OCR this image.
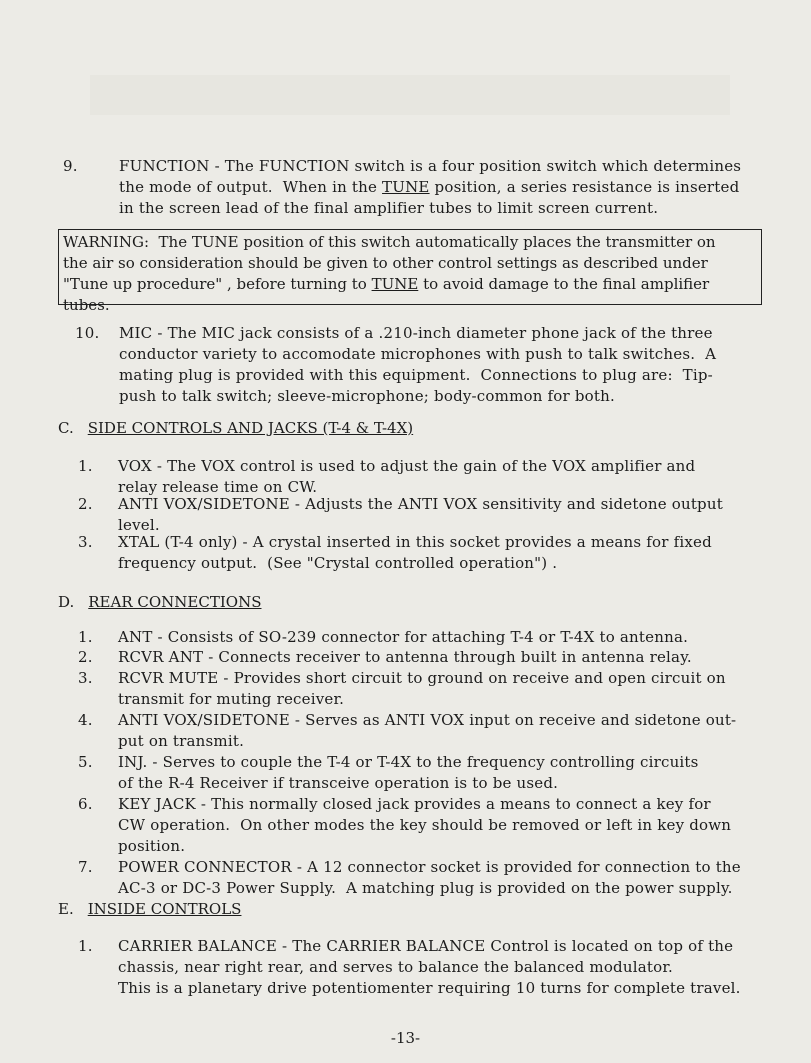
9.	FUNCTION - The FUNCTION switch is a four position switch which determines
the mode of output.  When in the TUNE position, a series resistance is inserted
in the screen lead of the final amplifier tubes to limit screen current.
WARNING:  The TUNE position of this switch automatically places the transmitter on
the air so consideration should be given to other control settings as described under
"Tune up procedure" , before turning to TUNE to avoid damage to the final amplifier
tubes.
10. MIC - The MIC jack consists of a .210-inch diameter phone jack of the three
conductor variety to accomodate microphones with push to talk switches.  A
mating plug is provided with this equipment.  Connections to plug are:  Tip-
push to talk switch; sleeve-microphone; body-common for both.
C. SIDE CONTROLS AND JACKS (T-4 & T-4X)
1. VOX - The VOX control is used to adjust the gain of the VOX amplifier and
relay release time on CW.
2. ANTI VOX/SIDETONE - Adjusts the ANTI VOX sensitivity and sidetone output
level.
3. XTAL (T-4 only) - A crystal inserted in this socket provides a means for fixed
frequency output.  (See "Crystal controlled operation") .
D. REAR CONNECTIONS
1. ANT - Consists of SO-239 connector for attaching T-4 or T-4X to antenna.
2. RCVR ANT - Connects receiver to antenna through built in antenna relay.
3. RCVR MUTE - Provides short circuit to ground on receive and open circuit on
transmit for muting receiver.
4. ANTI VOX/SIDETONE - Serves as ANTI VOX input on receive and sidetone out-
put on transmit.
5. INJ. - Serves to couple the T-4 or T-4X to the frequency controlling circuits
of the R-4 Receiver if transceive operation is to be used.
6. KEY JACK - This normally closed jack provides a means to connect a key for
CW operation.  On other modes the key should be removed or left in key down
position.
7. POWER CONNECTOR - A 12 connector socket is provided for connection to the
AC-3 or DC-3 Power Supply.  A matching plug is provided on the power supply.
E. INSIDE CONTROLS
1. CARRIER BALANCE - The CARRIER BALANCE Control is located on top of the
chassis, near right rear, and serves to balance the balanced modulator.
This is a planetary drive potentiomenter requiring 10 turns for complete travel.
-13-
